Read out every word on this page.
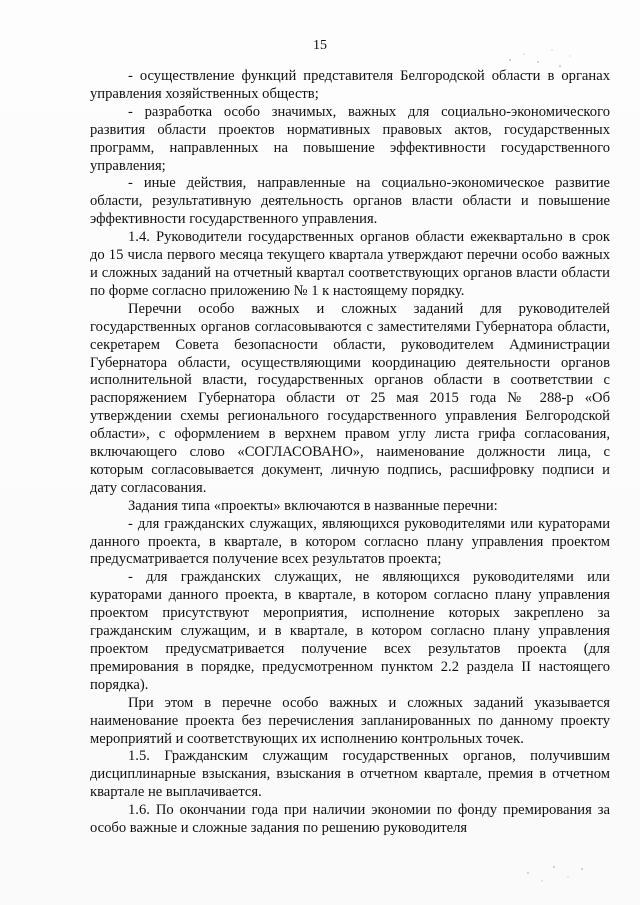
15

- осуществление функций представителя Белгородской области в органах управления хозяйственных обществ;

- разработка особо значимых, важных для социально-экономического развития области проектов нормативных правовых актов, государственных программ, направленных на повышение эффективности государственного управления;

- иные действия, направленные на социально-экономическое развитие области, результативную деятельность органов власти области и повышение эффективности государственного управления.

1.4. Руководители государственных органов области ежеквартально в срок до 15 числа первого месяца текущего квартала утверждают перечни особо важных и сложных заданий на отчетный квартал соответствующих органов власти области по форме согласно приложению № 1 к настоящему порядку.

Перечни особо важных и сложных заданий для руководителей государственных органов согласовываются с заместителями Губернатора области, секретарем Совета безопасности области, руководителем Администрации Губернатора области, осуществляющими координацию деятельности органов исполнительной власти, государственных органов области в соответствии с распоряжением Губернатора области от 25 мая 2015 года № 288-р «Об утверждении схемы регионального государственного управления Белгородской области», с оформлением в верхнем правом углу листа грифа согласования, включающего слово «СОГЛАСОВАНО», наименование должности лица, с которым согласовывается документ, личную подпись, расшифровку подписи и дату согласования.

Задания типа «проекты» включаются в названные перечни:

- для гражданских служащих, являющихся руководителями или кураторами данного проекта, в квартале, в котором согласно плану управления проектом предусматривается получение всех результатов проекта;

- для гражданских служащих, не являющихся руководителями или кураторами данного проекта, в квартале, в котором согласно плану управления проектом присутствуют мероприятия, исполнение которых закреплено за гражданским служащим, и в квартале, в котором согласно плану управления проектом предусматривается получение всех результатов проекта (для премирования в порядке, предусмотренном пунктом 2.2 раздела II настоящего порядка).

При этом в перечне особо важных и сложных заданий указывается наименование проекта без перечисления запланированных по данному проекту мероприятий и соответствующих их исполнению контрольных точек.

1.5. Гражданским служащим государственных органов, получившим дисциплинарные взыскания, взыскания в отчетном квартале, премия в отчетном квартале не выплачивается.

1.6. По окончании года при наличии экономии по фонду премирования за особо важные и сложные задания по решению руководителя
